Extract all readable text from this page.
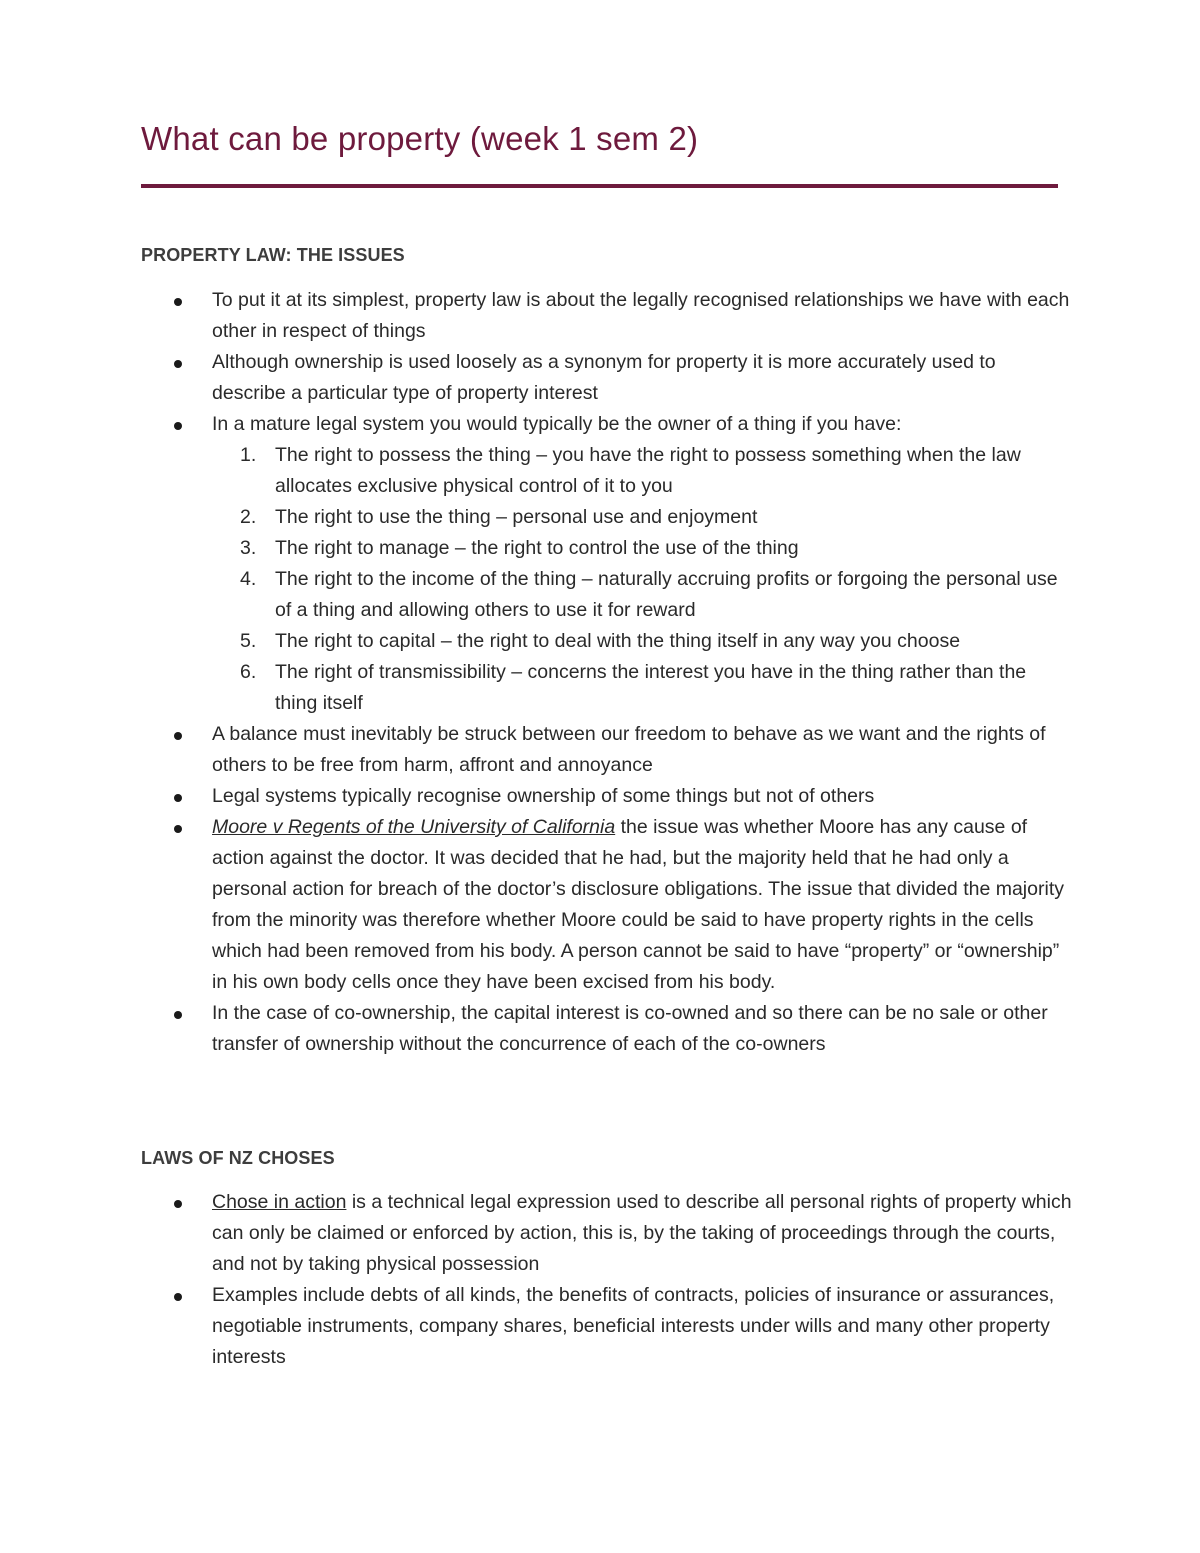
What can be property (week 1 sem 2)
PROPERTY LAW: THE ISSUES
To put it at its simplest, property law is about the legally recognised relationships we have with each other in respect of things
Although ownership is used loosely as a synonym for property it is more accurately used to describe a particular type of property interest
In a mature legal system you would typically be the owner of a thing if you have:
1. The right to possess the thing – you have the right to possess something when the law allocates exclusive physical control of it to you
2. The right to use the thing – personal use and enjoyment
3. The right to manage – the right to control the use of the thing
4. The right to the income of the thing – naturally accruing profits or forgoing the personal use of a thing and allowing others to use it for reward
5. The right to capital – the right to deal with the thing itself in any way you choose
6. The right of transmissibility – concerns the interest you have in the thing rather than the thing itself
A balance must inevitably be struck between our freedom to behave as we want and the rights of others to be free from harm, affront and annoyance
Legal systems typically recognise ownership of some things but not of others
Moore v Regents of the University of California the issue was whether Moore has any cause of action against the doctor. It was decided that he had, but the majority held that he had only a personal action for breach of the doctor’s disclosure obligations. The issue that divided the majority from the minority was therefore whether Moore could be said to have property rights in the cells which had been removed from his body. A person cannot be said to have “property” or “ownership” in his own body cells once they have been excised from his body.
In the case of co-ownership, the capital interest is co-owned and so there can be no sale or other transfer of ownership without the concurrence of each of the co-owners
LAWS OF NZ CHOSES
Chose in action is a technical legal expression used to describe all personal rights of property which can only be claimed or enforced by action, this is, by the taking of proceedings through the courts, and not by taking physical possession
Examples include debts of all kinds, the benefits of contracts, policies of insurance or assurances, negotiable instruments, company shares, beneficial interests under wills and many other property interests
